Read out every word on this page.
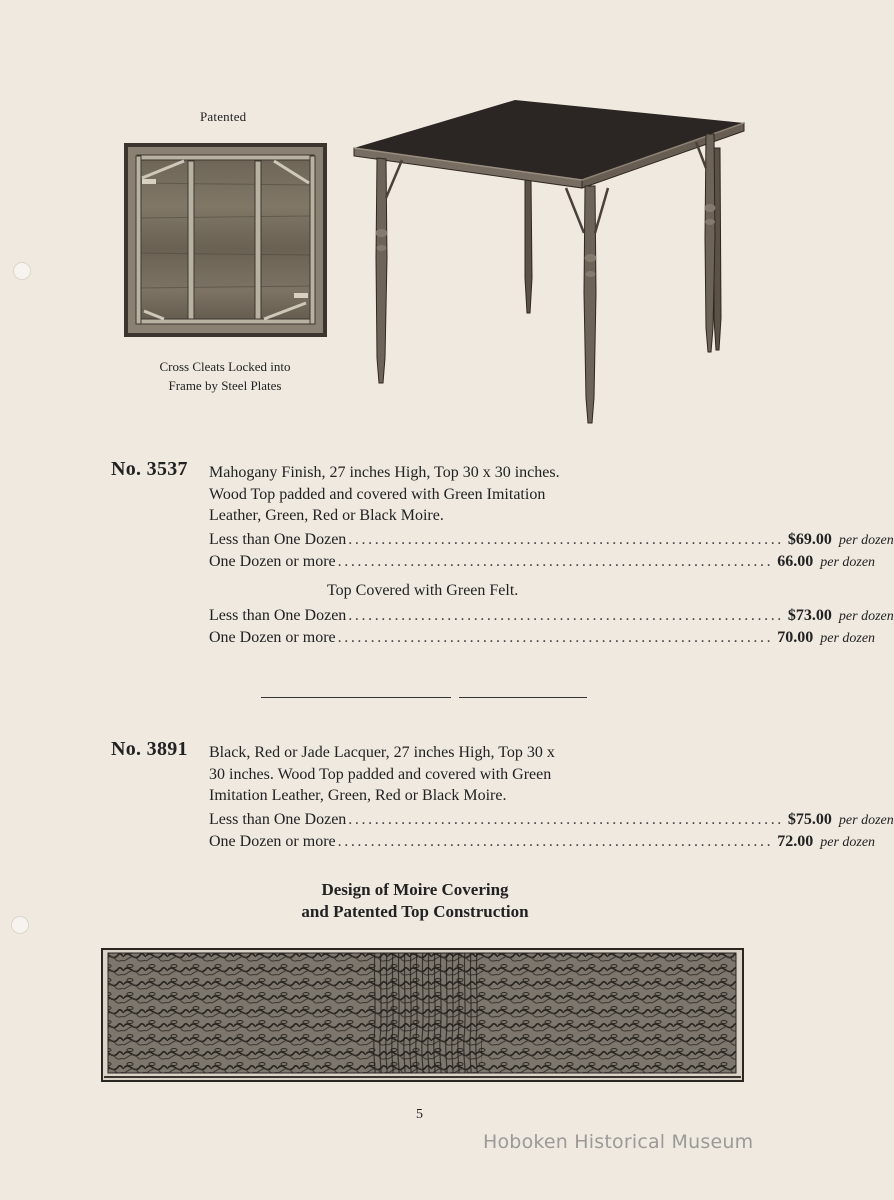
Patented
Cross Cleats Locked into
Frame by Steel Plates
No. 3537 Mahogany Finish, 27 inches High, Top 30 x 30 inches.
Wood Top padded and covered with Green Imitation
Leather, Green, Red or Black Moire.
Less than One Dozen .................................................................. $69.00 per dozen
One Dozen or more .................................................................. 66.00 per dozen
Top Covered with Green Felt.
Less than One Dozen .................................................................. $73.00 per dozen
One Dozen or more .................................................................. 70.00 per dozen
No. 3891 Black, Red or Jade Lacquer, 27 inches High, Top 30 x
30 inches. Wood Top padded and covered with Green
Imitation Leather, Green, Red or Black Moire.
Less than One Dozen .................................................................. $75.00 per dozen
One Dozen or more .................................................................. 72.00 per dozen
Design of Moire Covering
and Patented Top Construction
5
Hoboken Historical Museum
